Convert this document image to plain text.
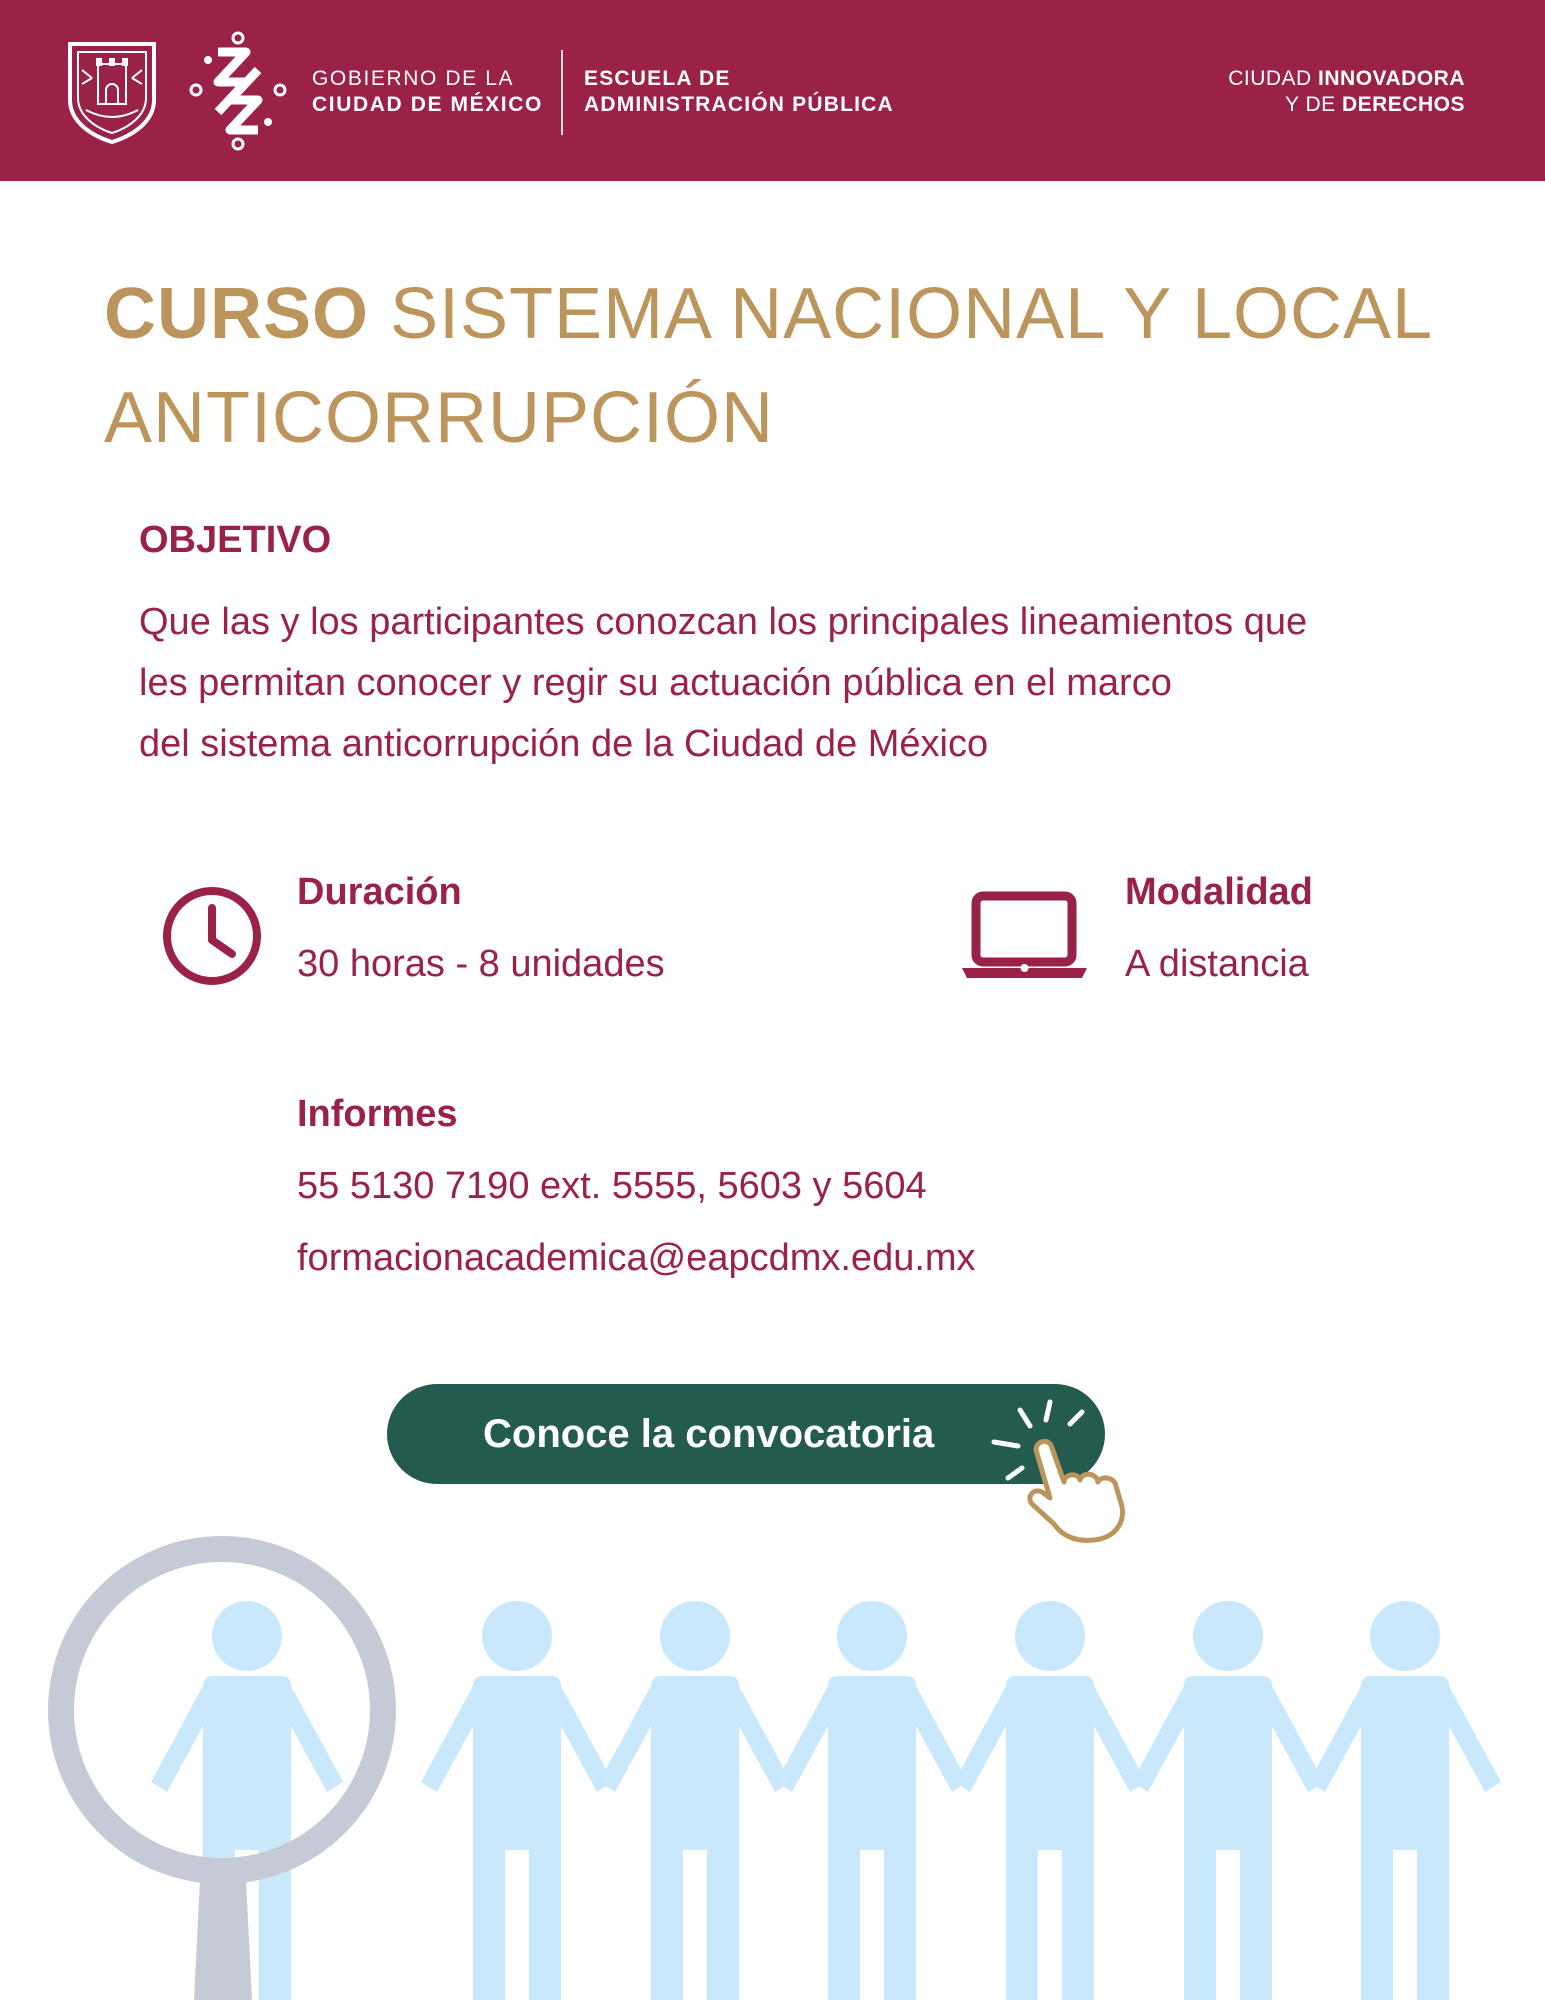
GOBIERNO DE LA
CIUDAD DE MÉXICO
ESCUELA DE
ADMINISTRACIÓN PÚBLICA
CIUDAD INNOVADORA
Y DE DERECHOS
CURSO SISTEMA NACIONAL Y LOCAL ANTICORRUPCIÓN
OBJETIVO
Que las y los participantes conozcan los principales lineamientos que
les permitan conocer y regir su actuación pública en el marco
del sistema anticorrupción de la Ciudad de México
Duración
30 horas - 8 unidades
Modalidad
A distancia
Informes
55 5130 7190 ext. 5555, 5603 y 5604
formacionacademica@eapcdmx.edu.mx
Conoce la convocatoria
